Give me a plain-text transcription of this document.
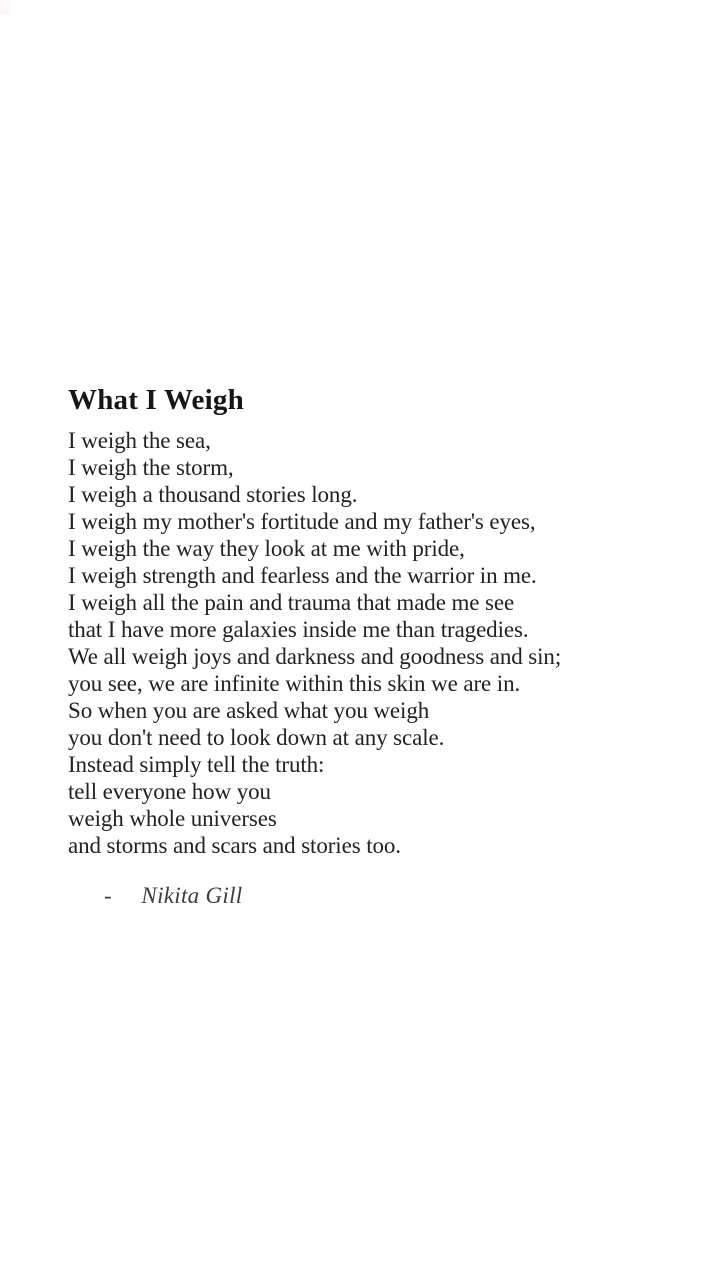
What I Weigh
I weigh the sea,
I weigh the storm,
I weigh a thousand stories long.
I weigh my mother's fortitude and my father's eyes,
I weigh the way they look at me with pride,
I weigh strength and fearless and the warrior in me.
I weigh all the pain and trauma that made me see
that I have more galaxies inside me than tragedies.
We all weigh joys and darkness and goodness and sin;
you see, we are infinite within this skin we are in.
So when you are asked what you weigh
you don't need to look down at any scale.
Instead simply tell the truth:
tell everyone how you
weigh whole universes
and storms and scars and stories too.
- Nikita Gill
